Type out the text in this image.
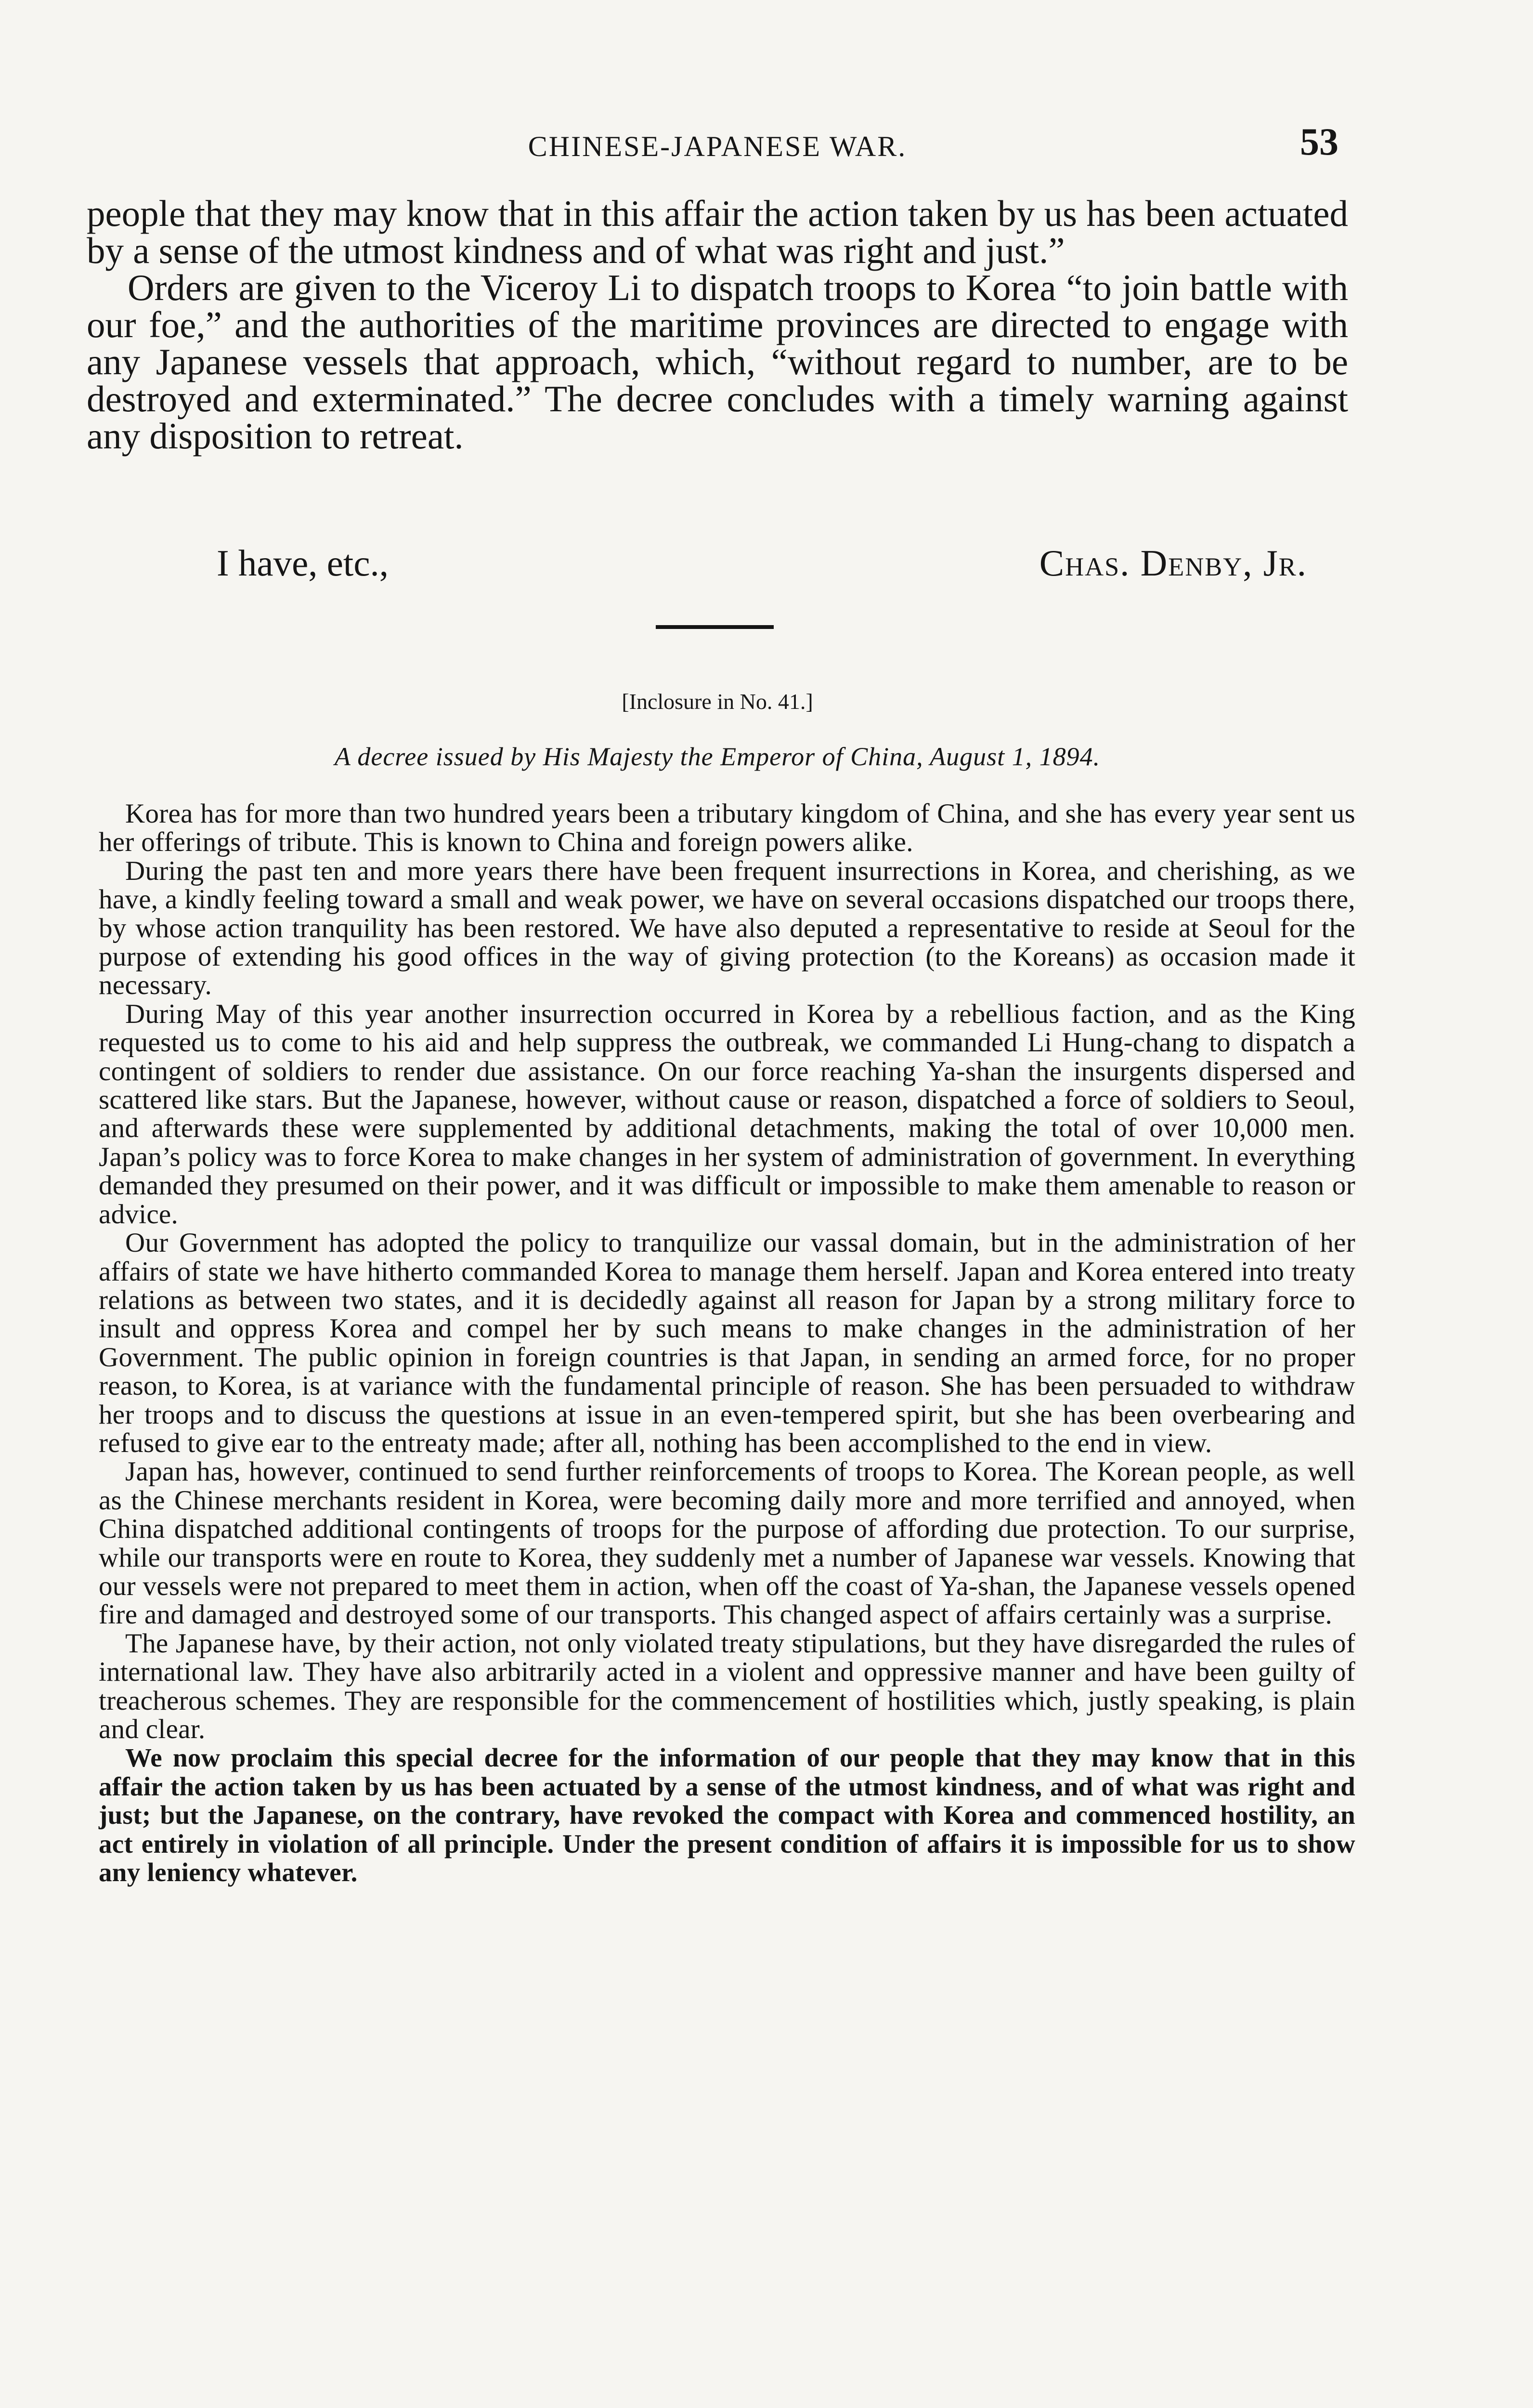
CHINESE-JAPANESE WAR.	53

people that they may know that in this affair the action taken by us has been actuated by a sense of the utmost kindness and of what was right and just.”

Orders are given to the Viceroy Li to dispatch troops to Korea “to join battle with our foe,” and the authorities of the maritime provinces are directed to engage with any Japanese vessels that approach, which, “without regard to number, are to be destroyed and exterminated.” The decree concludes with a timely warning against any disposition to retreat.

I have, etc.,	Chas. Denby, Jr.
[Inclosure in No. 41.]
A decree issued by His Majesty the Emperor of China, August 1, 1894.

Korea has for more than two hundred years been a tributary kingdom of China, and she has every year sent us her offerings of tribute. This is known to China and foreign powers alike.

During the past ten and more years there have been frequent insurrections in Korea, and cherishing, as we have, a kindly feeling toward a small and weak power, we have on several occasions dispatched our troops there, by whose action tranquility has been restored. We have also deputed a representative to reside at Seoul for the purpose of extending his good offices in the way of giving protection (to the Koreans) as occasion made it necessary.

During May of this year another insurrection occurred in Korea by a rebellious faction, and as the King requested us to come to his aid and help suppress the outbreak, we commanded Li Hung-chang to dispatch a contingent of soldiers to render due assistance. On our force reaching Ya-shan the insurgents dispersed and scattered like stars. But the Japanese, however, without cause or reason, dispatched a force of soldiers to Seoul, and afterwards these were supplemented by additional detachments, making the total of over 10,000 men. Japan’s policy was to force Korea to make changes in her system of administration of government. In everything demanded they presumed on their power, and it was difficult or impossible to make them amenable to reason or advice.

Our Government has adopted the policy to tranquilize our vassal domain, but in the administration of her affairs of state we have hitherto commanded Korea to manage them herself. Japan and Korea entered into treaty relations as between two states, and it is decidedly against all reason for Japan by a strong military force to insult and oppress Korea and compel her by such means to make changes in the administration of her Government. The public opinion in foreign countries is that Japan, in sending an armed force, for no proper reason, to Korea, is at variance with the fundamental principle of reason. She has been persuaded to withdraw her troops and to discuss the questions at issue in an even-tempered spirit, but she has been overbearing and refused to give ear to the entreaty made; after all, nothing has been accomplished to the end in view.

Japan has, however, continued to send further reinforcements of troops to Korea. The Korean people, as well as the Chinese merchants resident in Korea, were becoming daily more and more terrified and annoyed, when China dispatched additional contingents of troops for the purpose of affording due protection. To our surprise, while our transports were en route to Korea, they suddenly met a number of Japanese war vessels. Knowing that our vessels were not prepared to meet them in action, when off the coast of Ya-shan, the Japanese vessels opened fire and damaged and destroyed some of our transports. This changed aspect of affairs certainly was a surprise.

The Japanese have, by their action, not only violated treaty stipulations, but they have disregarded the rules of international law. They have also arbitrarily acted in a violent and oppressive manner and have been guilty of treacherous schemes. They are responsible for the commencement of hostilities which, justly speaking, is plain and clear.

We now proclaim this special decree for the information of our people that they may know that in this affair the action taken by us has been actuated by a sense of the utmost kindness, and of what was right and just; but the Japanese, on the contrary, have revoked the compact with Korea and commenced hostility, an act entirely in violation of all principle. Under the present condition of affairs it is impossible for us to show any leniency whatever.
